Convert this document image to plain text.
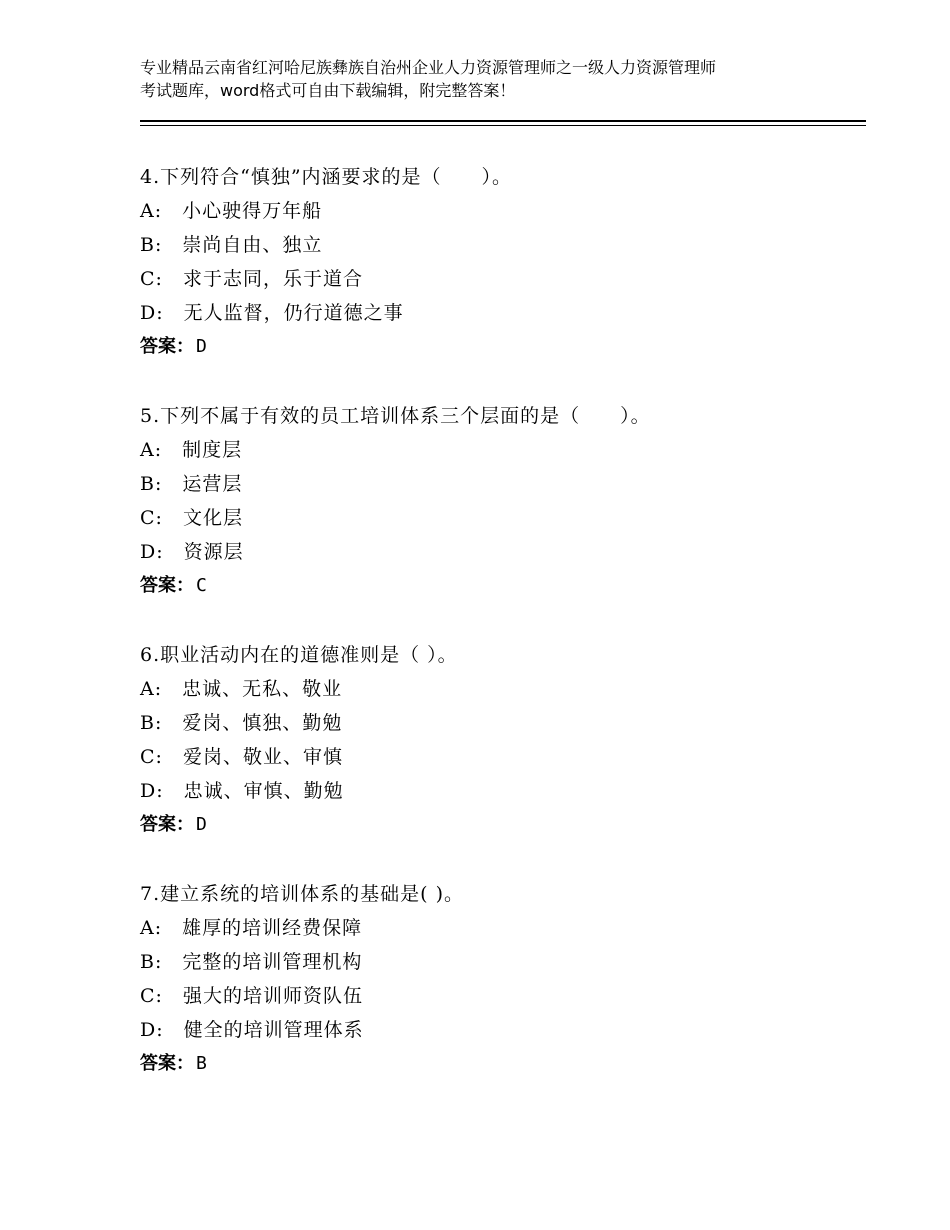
专业精品云南省红河哈尼族彝族自治州企业人力资源管理师之一级人力资源管理师
考试题库，word格式可自由下载编辑，附完整答案！
4.下列符合“慎独”内涵要求的是（　　）。
A:　小心驶得万年船
B:　崇尚自由、独立
C:　求于志同，乐于道合
D:　无人监督，仍行道德之事
答案： D
5.下列不属于有效的员工培训体系三个层面的是（　　）。
A:　制度层
B:　运营层
C:　文化层
D:　资源层
答案： C
6.职业活动内在的道德准则是（ ）。
A:　忠诚、无私、敬业
B:　爱岗、慎独、勤勉
C:　爱岗、敬业、审慎
D:　忠诚、审慎、勤勉
答案： D
7.建立系统的培训体系的基础是( )。
A:　雄厚的培训经费保障
B:　完整的培训管理机构
C:　强大的培训师资队伍
D:　健全的培训管理体系
答案： B
